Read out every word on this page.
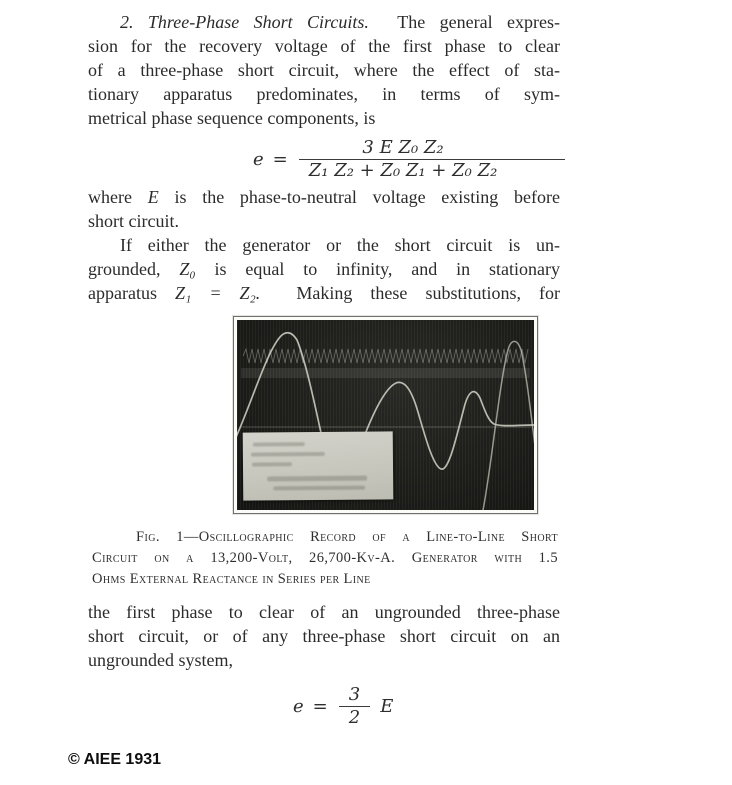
2. Three-Phase Short Circuits. The general expres-
sion for the recovery voltage of the first phase to clear
of a three-phase short circuit, where the effect of sta-
tionary apparatus predominates, in terms of sym-
metrical phase sequence components, is
$e = \frac{\text{3 E Z₀ Z₂}}{\text{Z₁ Z₂ + Z₀ Z₁ + Z₀ Z₂}}$
where E is the phase-to-neutral voltage existing before
short circuit.
If either the generator or the short circuit is un-
grounded, Z₀ is equal to infinity, and in stationary
apparatus Z₁ = Z₂. Making these substitutions, for
Fig. 1—Oscillographic Record of a Line-to-Line Short
Circuit on a 13,200-Volt, 26,700-Kv-A. Generator with 1.5
Ohms External Reactance in Series per Line
the first phase to clear of an ungrounded three-phase
short circuit, or of any three-phase short circuit on an
ungrounded system,
$e = \frac{3}{2}$ E
© AIEE 1931
